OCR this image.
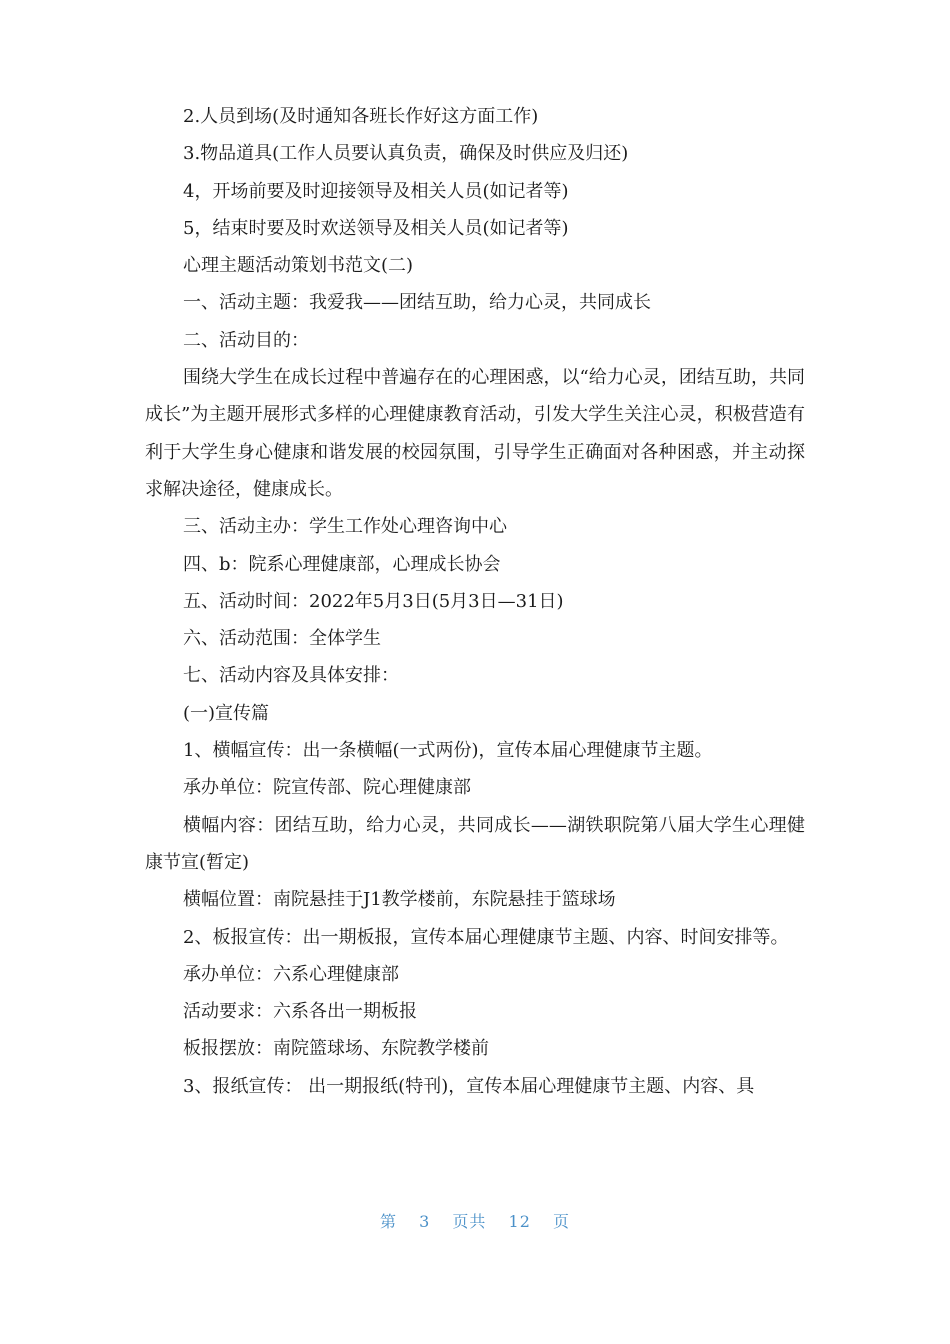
2.人员到场(及时通知各班长作好这方面工作)

3.物品道具(工作人员要认真负责，确保及时供应及归还)

4，开场前要及时迎接领导及相关人员(如记者等)

5，结束时要及时欢送领导及相关人员(如记者等)

心理主题活动策划书范文(二)

一、活动主题：我爱我——团结互助，给力心灵，共同成长

二、活动目的：

围绕大学生在成长过程中普遍存在的心理困惑，以“给力心灵，团结互助，共同成长”为主题开展形式多样的心理健康教育活动，引发大学生关注心灵，积极营造有利于大学生身心健康和谐发展的校园氛围，引导学生正确面对各种困惑，并主动探求解决途径，健康成长。

三、活动主办：学生工作处心理咨询中心

四、b：院系心理健康部，心理成长协会

五、活动时间：2022年5月3日(5月3日—31日)

六、活动范围：全体学生

七、活动内容及具体安排：

(一)宣传篇

1、横幅宣传：出一条横幅(一式两份)，宣传本届心理健康节主题。

承办单位：院宣传部、院心理健康部

横幅内容：团结互助，给力心灵，共同成长——湖铁职院第八届大学生心理健康节宣(暂定)

横幅位置：南院悬挂于J1教学楼前，东院悬挂于篮球场

2、板报宣传：出一期板报，宣传本届心理健康节主题、内容、时间安排等。

承办单位：六系心理健康部

活动要求：六系各出一期板报

板报摆放：南院篮球场、东院教学楼前

3、报纸宣传： 出一期报纸(特刊)，宣传本届心理健康节主题、内容、具

第 3 页共 12 页
